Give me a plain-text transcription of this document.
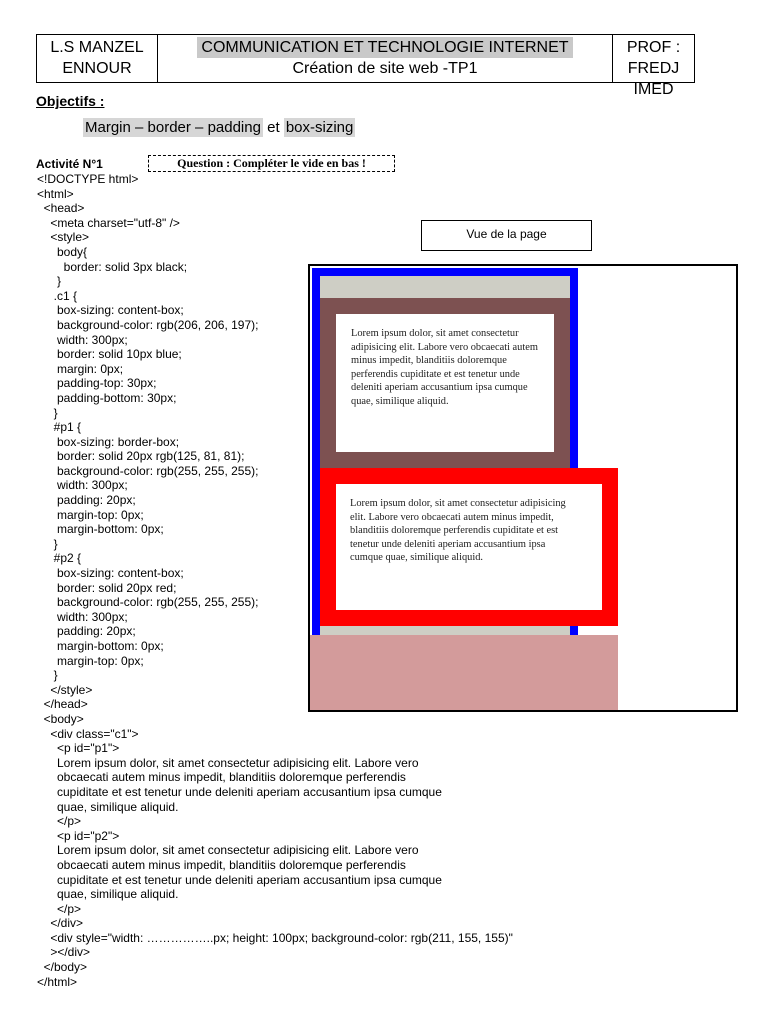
L.S MANZEL
ENNOUR
COMMUNICATION ET TECHNOLOGIE INTERNET
Création de site web -TP1
PROF :
FREDJ IMED
Objectifs :
Margin – border – padding et box-sizing
Activité N°1	Question : Compléter le vide en bas !
<!DOCTYPE html>
<html>
<head>
<meta charset="utf-8" />
<style>
body{
border: solid 3px black;
}
.c1 {
box-sizing: content-box;
background-color: rgb(206, 206, 197);
width: 300px;
border: solid 10px blue;
margin: 0px;
padding-top: 30px;
padding-bottom: 30px;
}
#p1 {
box-sizing: border-box;
border: solid 20px rgb(125, 81, 81);
background-color: rgb(255, 255, 255);
width: 300px;
padding: 20px;
margin-top: 0px;
margin-bottom: 0px;
}
#p2 {
box-sizing: content-box;
border: solid 20px red;
background-color: rgb(255, 255, 255);
width: 300px;
padding: 20px;
margin-bottom: 0px;
margin-top: 0px;
}
</style>
</head>
<body>
<div class="c1">
<p id="p1">
Lorem ipsum dolor, sit amet consectetur adipisicing elit. Labore vero
obcaecati autem minus impedit, blanditiis doloremque perferendis
cupiditate et est tenetur unde deleniti aperiam accusantium ipsa cumque
quae, similique aliquid.
</p>
<p id="p2">
Lorem ipsum dolor, sit amet consectetur adipisicing elit. Labore vero
obcaecati autem minus impedit, blanditiis doloremque perferendis
cupiditate et est tenetur unde deleniti aperiam accusantium ipsa cumque
quae, similique aliquid.
</p>
</div>
<div style="width: ……………..px; height: 100px; background-color: rgb(211, 155, 155)"
></div>
</body>
</html>
Vue de la page
Lorem ipsum dolor, sit amet consectetur adipisicing elit. Labore vero obcaecati autem minus impedit, blanditiis doloremque perferendis cupiditate et est tenetur unde deleniti aperiam accusantium ipsa cumque quae, similique aliquid.
Lorem ipsum dolor, sit amet consectetur adipisicing elit. Labore vero obcaecati autem minus impedit, blanditiis doloremque perferendis cupiditate et est tenetur unde deleniti aperiam accusantium ipsa cumque quae, similique aliquid.
